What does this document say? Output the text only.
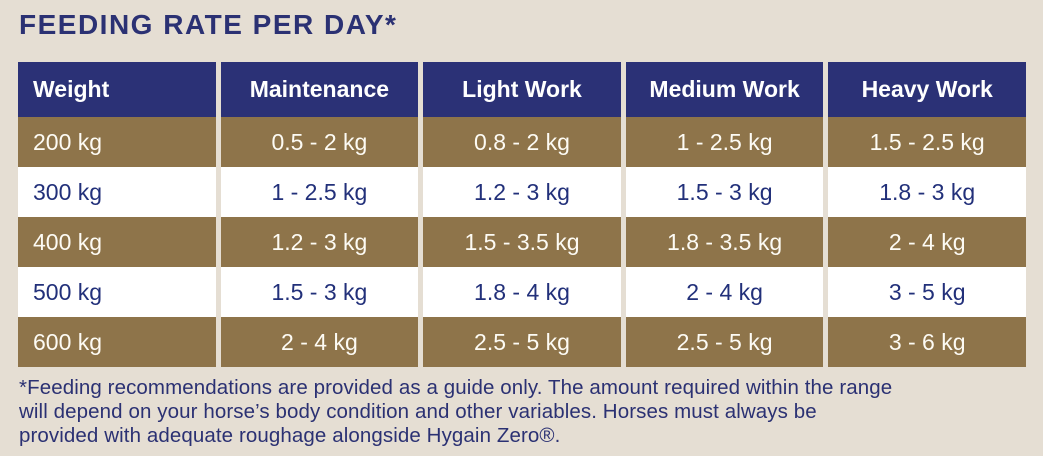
FEEDING RATE PER DAY*
Weight	Maintenance	Light Work	Medium Work	Heavy Work
200 kg	0.5 - 2 kg	0.8 - 2 kg	1 - 2.5 kg	1.5 - 2.5 kg
300 kg	1 - 2.5 kg	1.2 - 3 kg	1.5 - 3 kg	1.8 - 3 kg
400 kg	1.2 - 3 kg	1.5 - 3.5 kg	1.8 - 3.5 kg	2 - 4 kg
500 kg	1.5 - 3 kg	1.8 - 4 kg	2 - 4 kg	3 - 5 kg
600 kg	2 - 4 kg	2.5 - 5 kg	2.5 - 5 kg	3 - 6 kg
*Feeding recommendations are provided as a guide only. The amount required within the range
will depend on your horse’s body condition and other variables. Horses must always be
provided with adequate roughage alongside Hygain Zero®.
